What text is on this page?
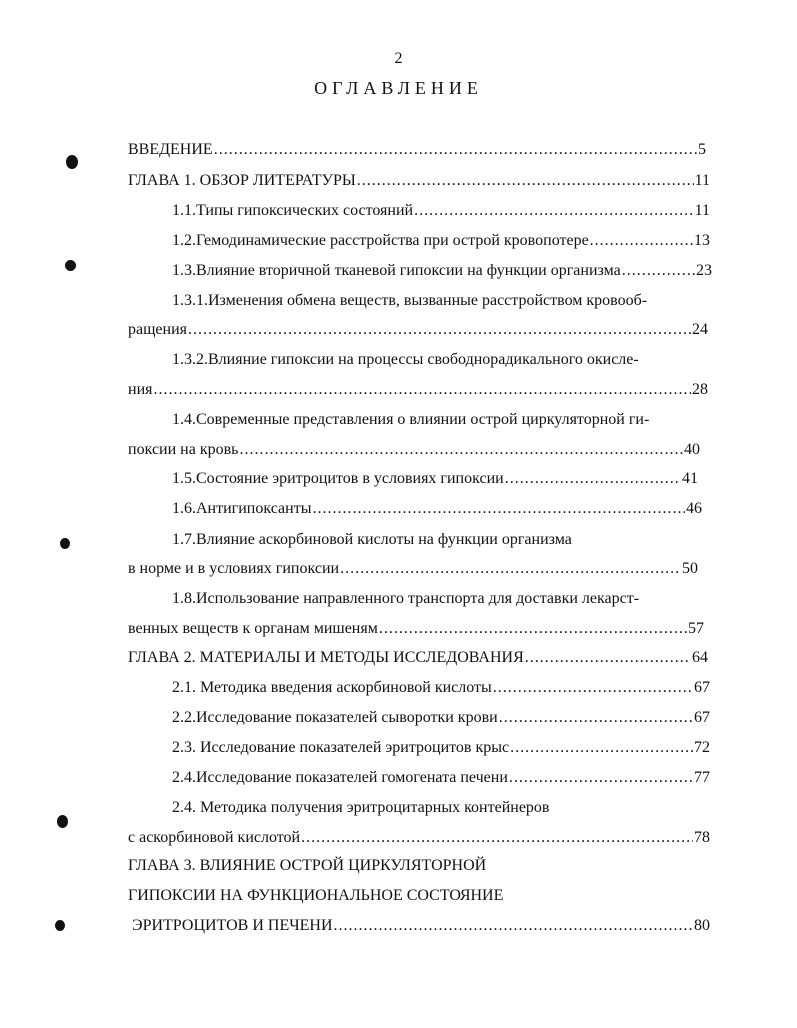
2
ОГЛАВЛЕНИЕ
ВВЕДЕНИЕ .....	5
ГЛАВА 1. ОБЗОР ЛИТЕРАТУРЫ .....	11
1.1.Типы гипоксических состояний .....	11
1.2.Гемодинамические расстройства при острой кровопотере .....	13
1.3.Влияние вторичной тканевой гипоксии на функции организма .....	23
1.3.1.Изменения обмена веществ, вызванные расстройством кровооб-
ращения .....	24
1.3.2.Влияние гипоксии на процессы свободнорадикального окисле-
ния .....	28
1.4.Современные представления о влиянии острой циркуляторной ги-
поксии на кровь .....	40
1.5.Состояние эритроцитов в условиях гипоксии .....	41
1.6.Антигипоксанты .....	46
1.7.Влияние аскорбиновой кислоты на функции организма
в норме и в условиях гипоксии .....	50
1.8.Использование направленного транспорта для доставки лекарст-
венных веществ к органам мишеням .....	57
ГЛАВА 2. МАТЕРИАЛЫ И МЕТОДЫ ИССЛЕДОВАНИЯ .....	64
2.1. Методика введения аскорбиновой кислоты .....	67
2.2.Исследование показателей сыворотки крови .....	67
2.3. Исследование показателей эритроцитов крыс .....	72
2.4.Исследование показателей гомогената печени .....	77
2.4. Методика получения эритроцитарных контейнеров
с аскорбиновой кислотой .....	78
ГЛАВА 3. ВЛИЯНИЕ ОСТРОЙ ЦИРКУЛЯТОРНОЙ
ГИПОКСИИ НА ФУНКЦИОНАЛЬНОЕ СОСТОЯНИЕ
ЭРИТРОЦИТОВ И ПЕЧЕНИ .....	80
